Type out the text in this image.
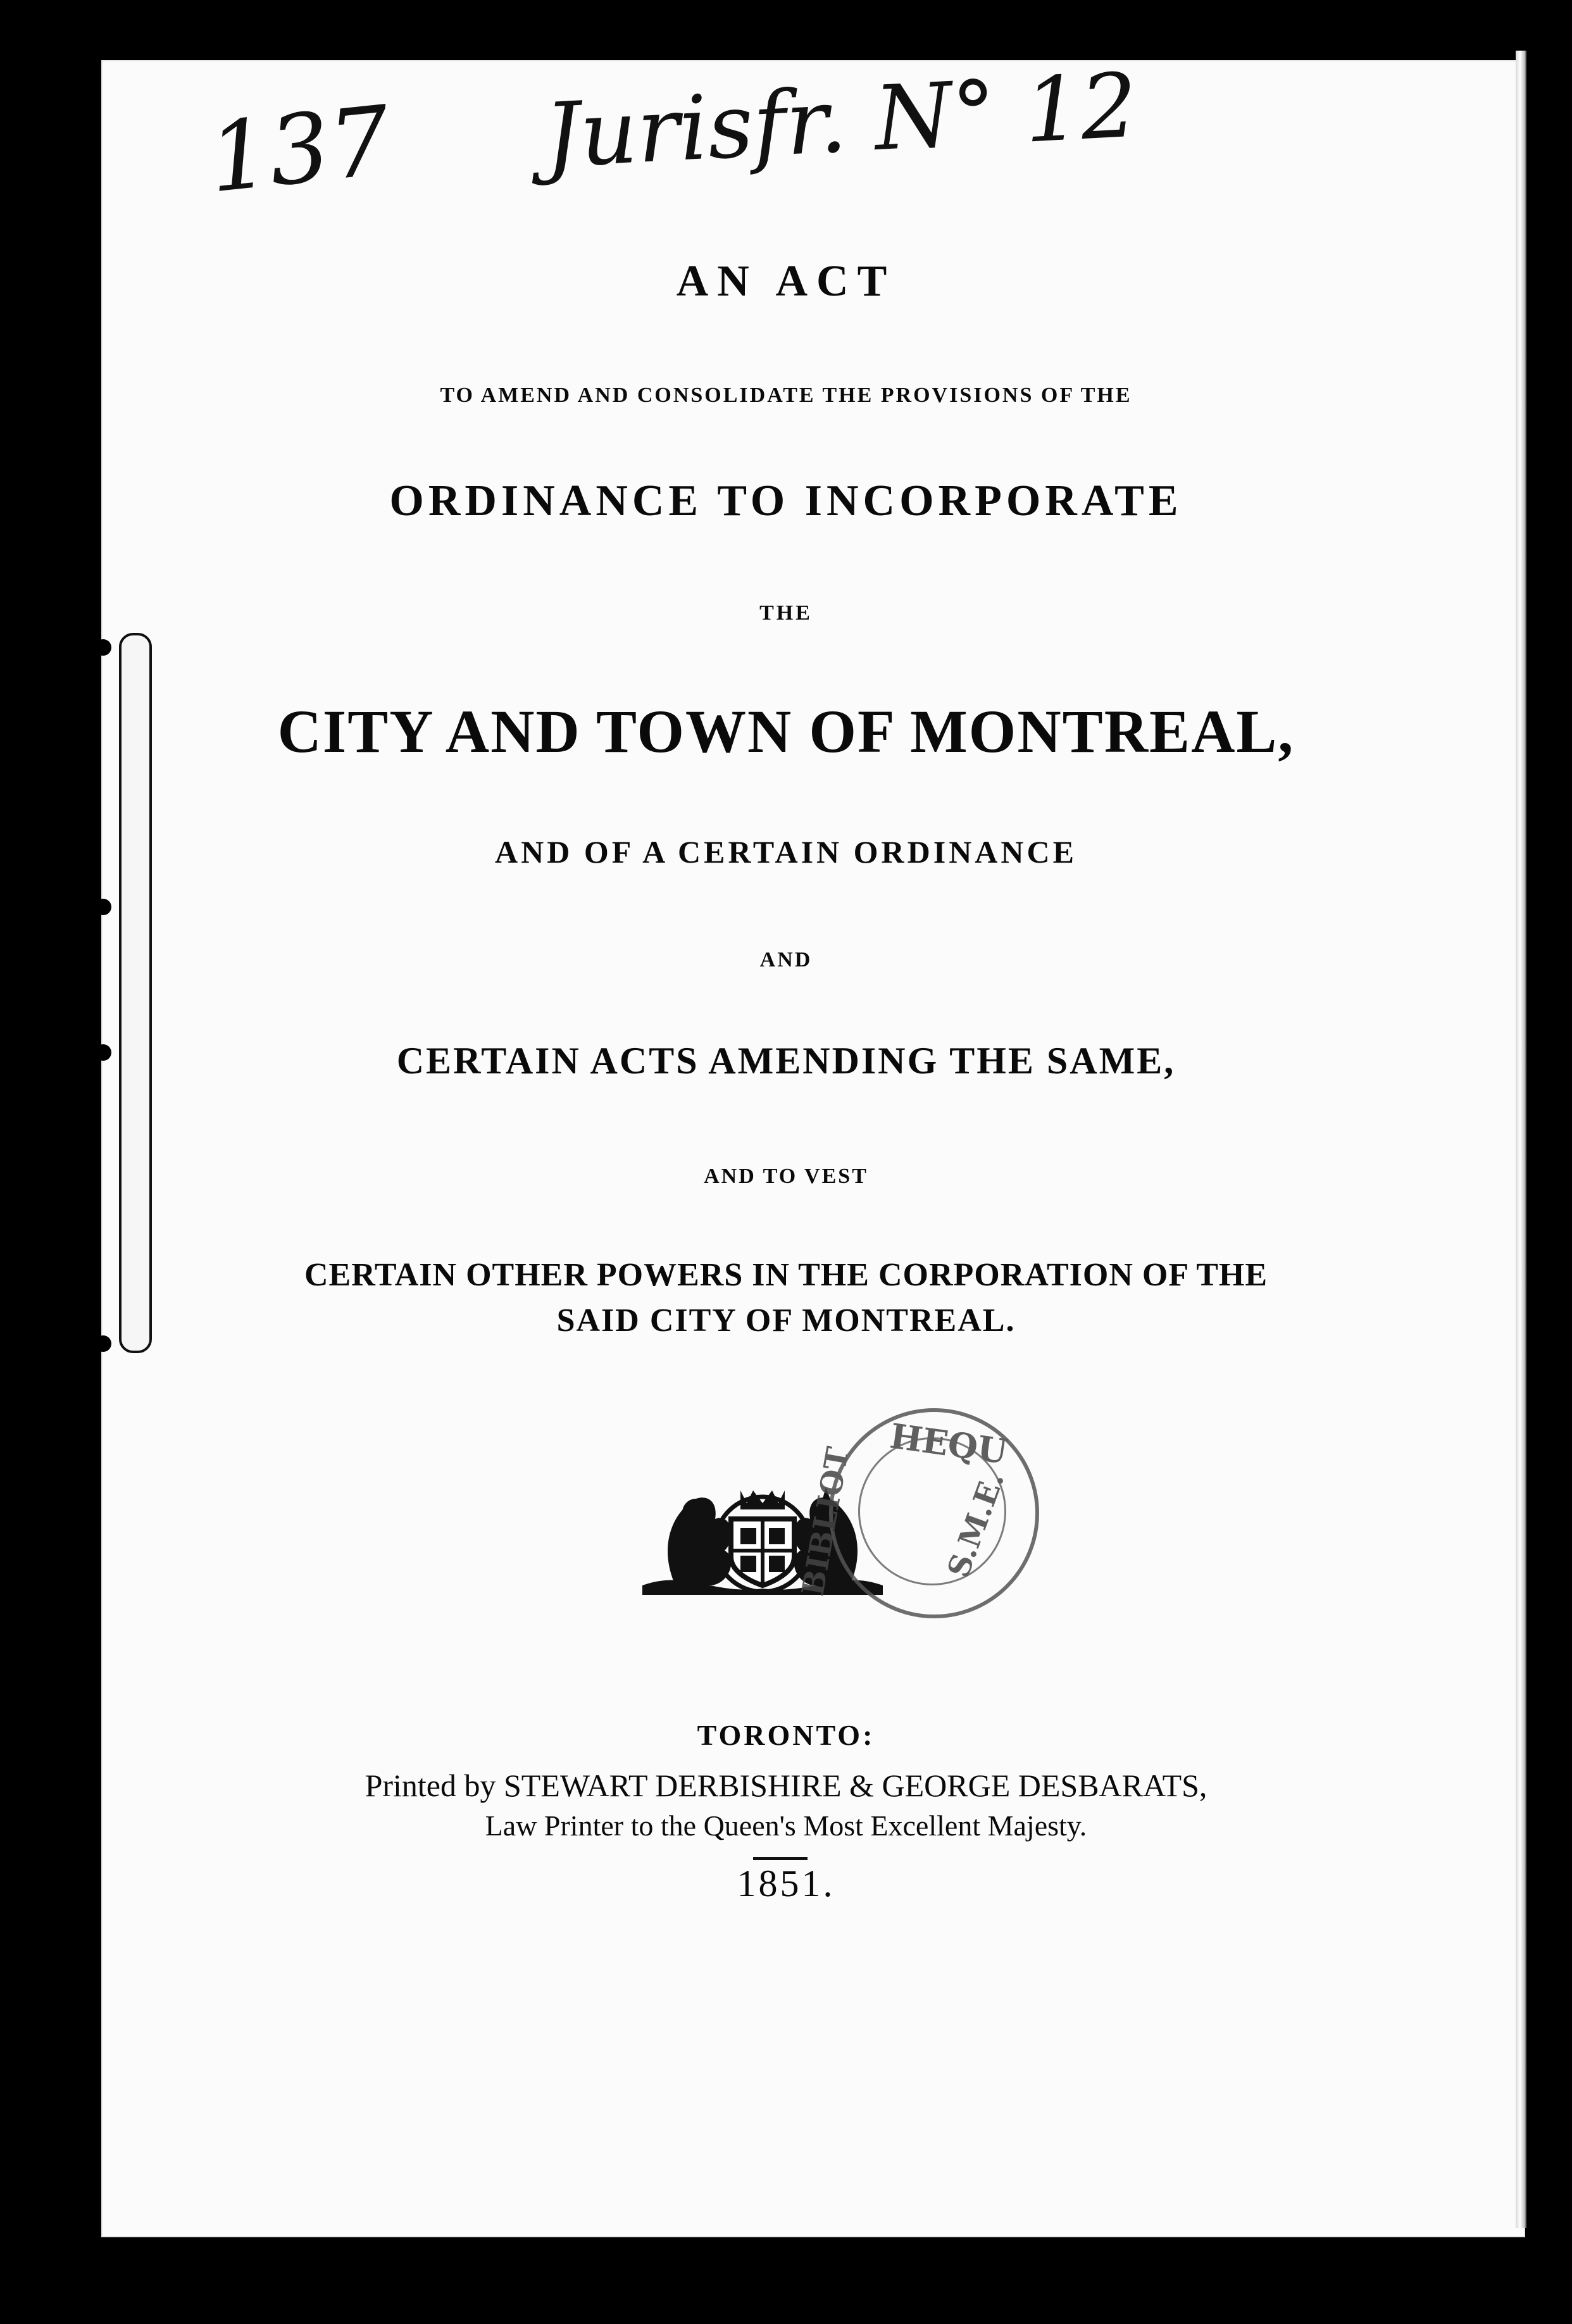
137 Jurisfr. N° 12
AN ACT
TO AMEND AND CONSOLIDATE THE PROVISIONS OF THE
ORDINANCE TO INCORPORATE
THE
CITY AND TOWN OF MONTREAL,
AND OF A CERTAIN ORDINANCE
AND
CERTAIN ACTS AMENDING THE SAME,
AND TO VEST
CERTAIN OTHER POWERS IN THE CORPORATION OF THE
SAID CITY OF MONTREAL.
HEQU
BIBLIOT	S.M.E.
TORONTO:
Printed by STEWART DERBISHIRE & GEORGE DESBARATS,
Law Printer to the Queen's Most Excellent Majesty.
1851.
